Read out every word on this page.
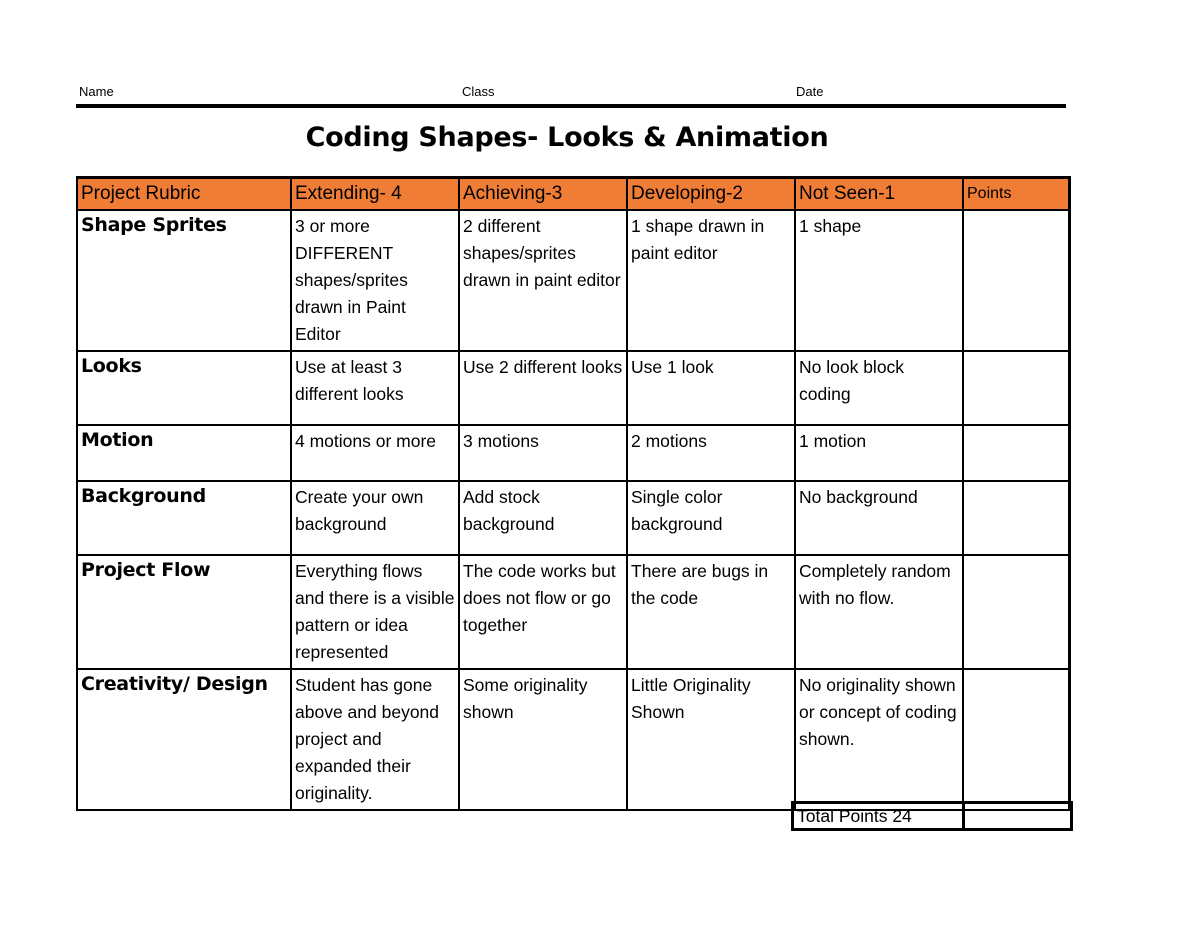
Name	Class	Date
Coding Shapes- Looks & Animation
Project Rubric	Extending- 4	Achieving-3	Developing-2	Not Seen-1	Points
Shape Sprites	3 or more DIFFERENT shapes/sprites drawn in Paint Editor	2 different shapes/sprites drawn in paint editor	1 shape drawn in paint editor	1 shape	
Looks	Use at least 3 different looks	Use 2 different looks	Use 1 look	No look block coding	
Motion	4 motions or more	3 motions	2 motions	1 motion	
Background	Create your own background	Add stock background	Single color background	No background	
Project Flow	Everything flows and there is a visible pattern or idea represented	The code works but does not flow or go together	There are bugs in the code	Completely random with no flow.	
Creativity/ Design	Student has gone above and beyond project and expanded their originality.	Some originality shown	Little Originality Shown	No originality shown or concept of coding shown.	
Total Points 24	
